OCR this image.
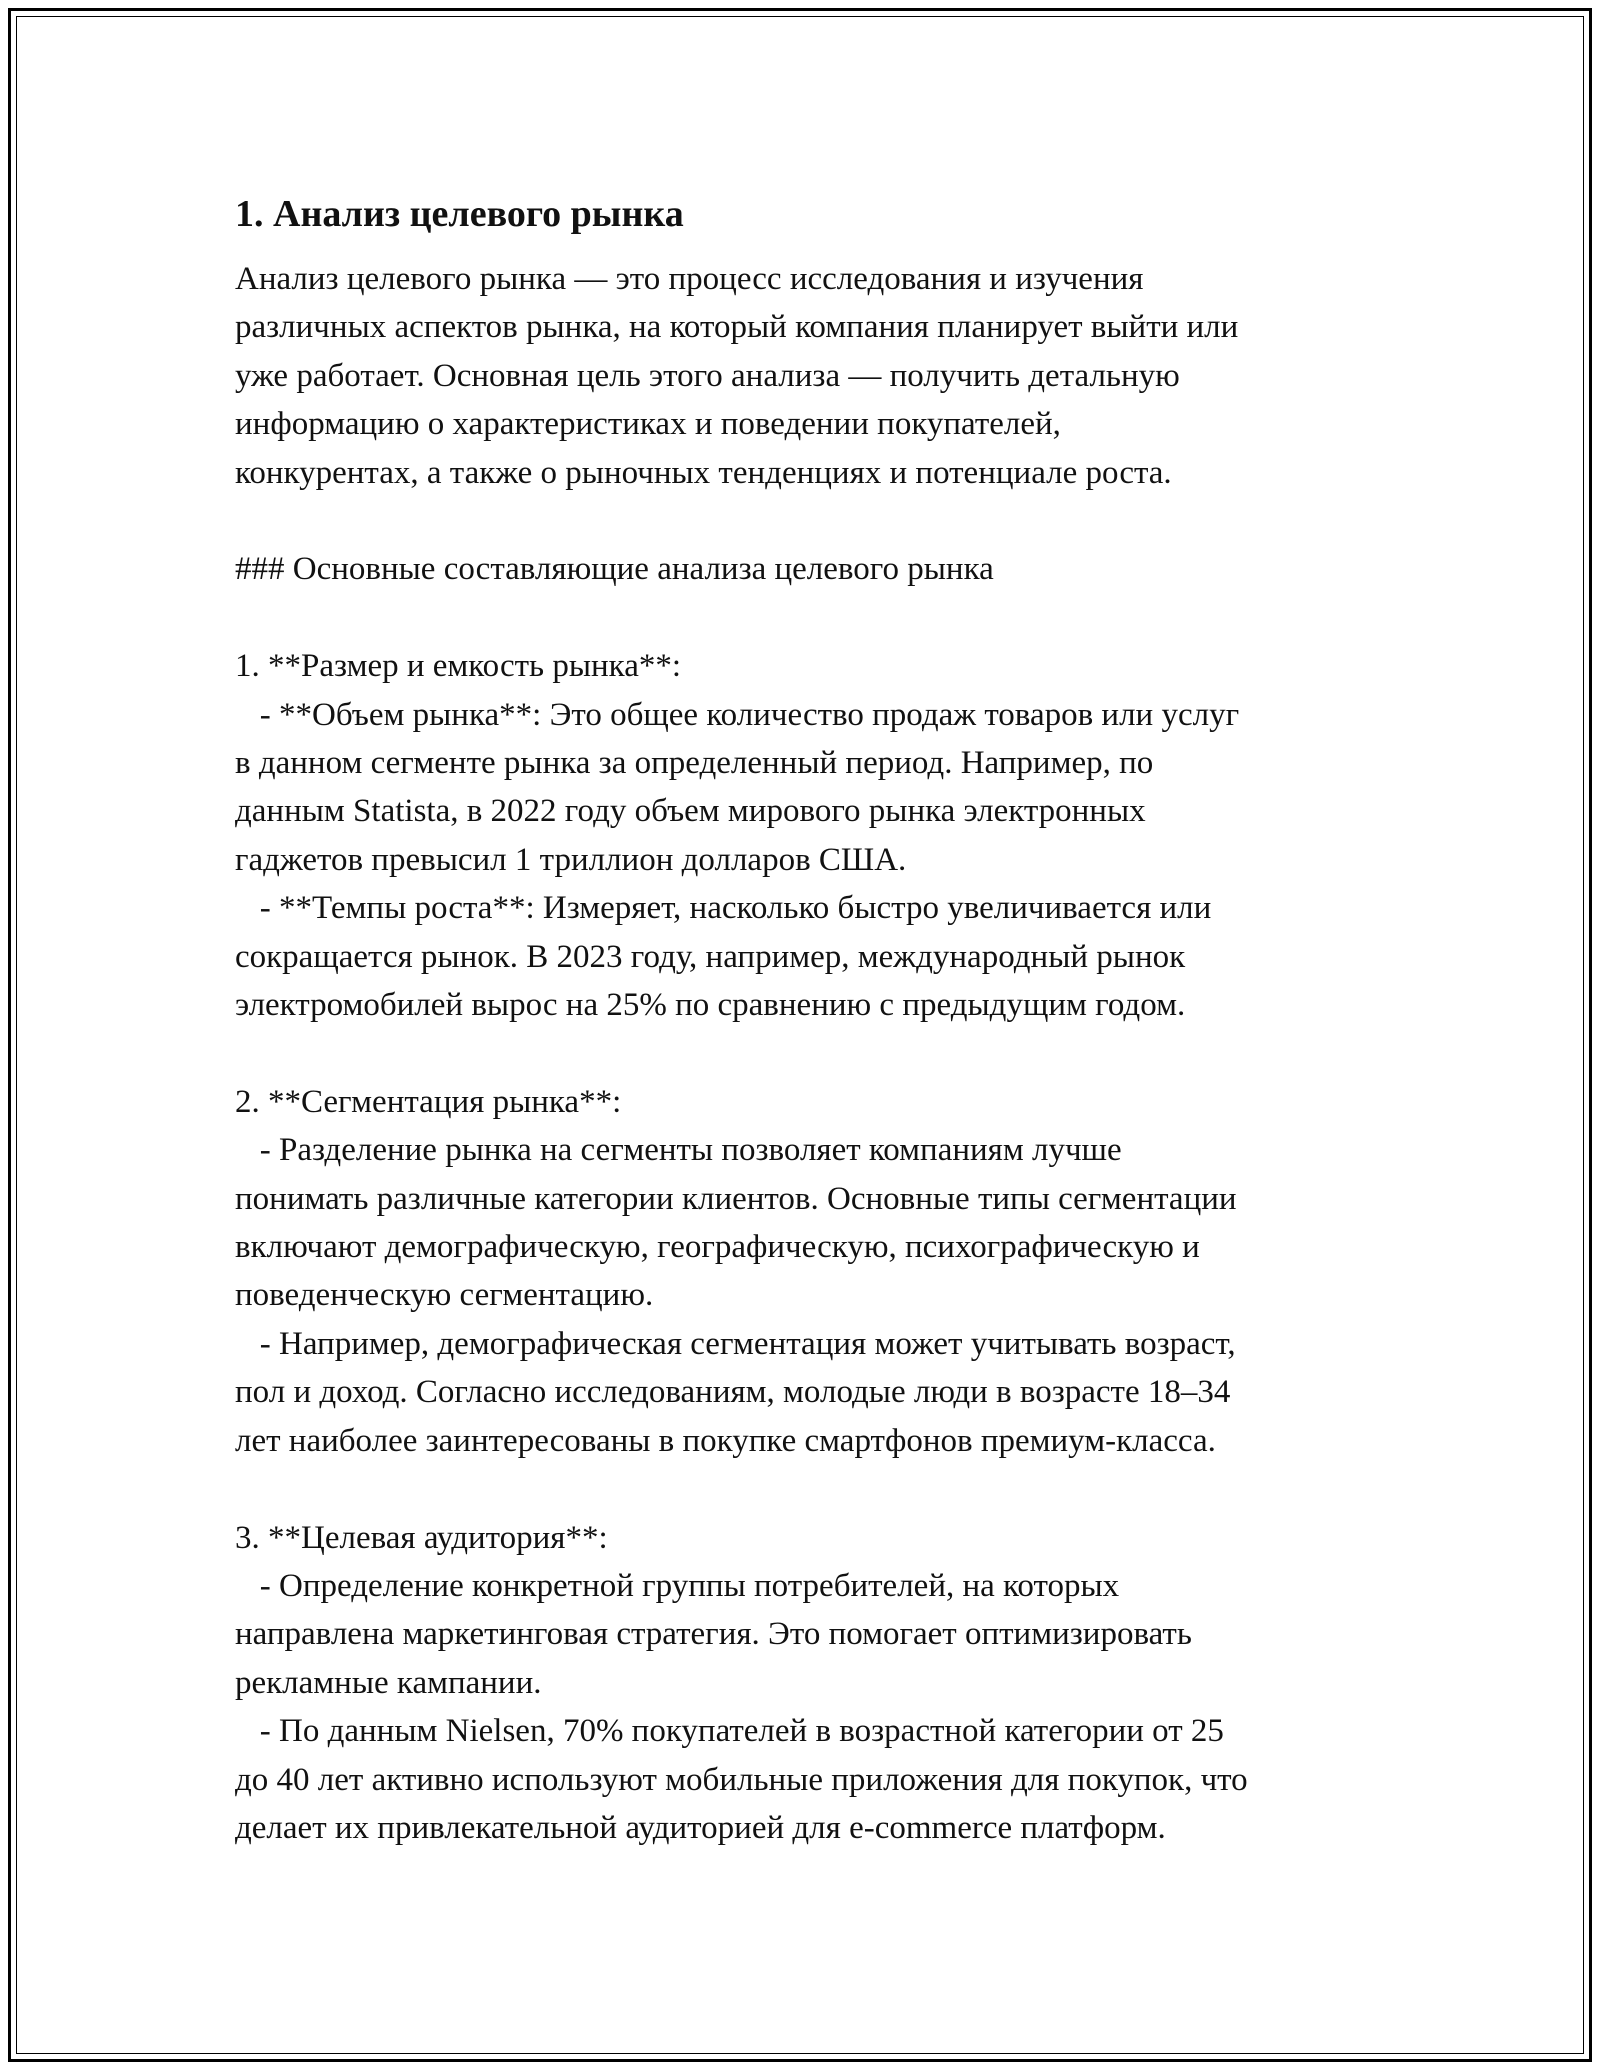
1. Анализ целевого рынка

Анализ целевого рынка — это процесс исследования и изучения

различных аспектов рынка, на который компания планирует выйти или

уже работает. Основная цель этого анализа — получить детальную

информацию о характеристиках и поведении покупателей,

конкурентах, а также о рыночных тенденциях и потенциале роста.

### Основные составляющие анализа целевого рынка

1. **Размер и емкость рынка**:

- **Объем рынка**: Это общее количество продаж товаров или услуг

в данном сегменте рынка за определенный период. Например, по

данным Statista, в 2022 году объем мирового рынка электронных

гаджетов превысил 1 триллион долларов США.

- **Темпы роста**: Измеряет, насколько быстро увеличивается или

сокращается рынок. В 2023 году, например, международный рынок

электромобилей вырос на 25% по сравнению с предыдущим годом.

2. **Сегментация рынка**:

- Разделение рынка на сегменты позволяет компаниям лучше

понимать различные категории клиентов. Основные типы сегментации

включают демографическую, географическую, психографическую и

поведенческую сегментацию.

- Например, демографическая сегментация может учитывать возраст,

пол и доход. Согласно исследованиям, молодые люди в возрасте 18–34

лет наиболее заинтересованы в покупке смартфонов премиум-класса.

3. **Целевая аудитория**:

- Определение конкретной группы потребителей, на которых

направлена маркетинговая стратегия. Это помогает оптимизировать

рекламные кампании.

- По данным Nielsen, 70% покупателей в возрастной категории от 25

до 40 лет активно используют мобильные приложения для покупок, что

делает их привлекательной аудиторией для e-commerce платформ.
